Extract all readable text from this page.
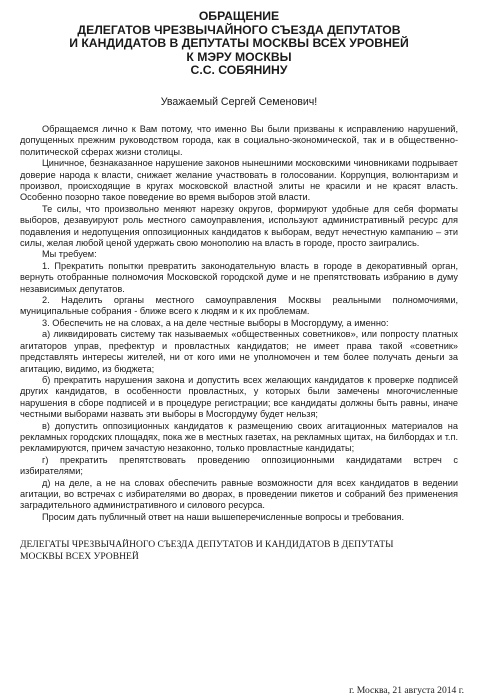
ОБРАЩЕНИЕ
ДЕЛЕГАТОВ ЧРЕЗВЫЧАЙНОГО СЪЕЗДА ДЕПУТАТОВ
И КАНДИДАТОВ В ДЕПУТАТЫ МОСКВЫ ВСЕХ УРОВНЕЙ
К МЭРУ МОСКВЫ
С.С. СОБЯНИНУ
Уважаемый Сергей Семенович!

Обращаемся лично к Вам потому, что именно Вы были призваны к исправлению нарушений, допущенных прежним руководством города, как в социально-экономической, так и в общественно-политической сферах жизни столицы.

Циничное, безнаказанное нарушение законов нынешними московскими чиновниками подрывает доверие народа к власти, снижает желание участвовать в голосовании. Коррупция, волюнтаризм и произвол, происходящие в кругах московской властной элиты не красили и не красят власть. Особенно позорно такое поведение во время выборов этой власти.

Те силы, что произвольно меняют нарезку округов, формируют удобные для себя форматы выборов, дезавуируют роль местного самоуправления, используют административный ресурс для подавления и недопущения оппозиционных кандидатов к выборам, ведут нечестную кампанию – эти силы, желая любой ценой удержать свою монополию на власть в городе, просто заигрались.

Мы требуем:

1. Прекратить попытки превратить законодательную власть в городе в декоративный орган, вернуть отобранные полномочия Московской городской думе и не препятствовать избранию в думу независимых депутатов.

2. Наделить органы местного самоуправления Москвы реальными полномочиями, муниципальные собрания - ближе всего к людям и к их проблемам.

3. Обеспечить не на словах, а на деле честные выборы в Мосгордуму, а именно:

а) ликвидировать систему так называемых «общественных советников», или попросту платных агитаторов управ, префектур и провластных кандидатов; не имеет права такой «советник» представлять интересы жителей, ни от кого ими не уполномочен и тем более получать деньги за агитацию, видимо, из бюджета;

б) прекратить нарушения закона и допустить всех желающих кандидатов к проверке подписей других кандидатов, в особенности провластных, у которых были замечены многочисленные нарушения в сборе подписей и в процедуре регистрации; все кандидаты должны быть равны, иначе честными выборами назвать эти выборы в Мосгордуму будет нельзя;

в) допустить оппозиционных кандидатов к размещению своих агитационных материалов на рекламных городских площадях, пока же в местных газетах, на рекламных щитах, на билбордах и т.п. рекламируются, причем зачастую незаконно, только провластные кандидаты;

г) прекратить препятствовать проведению оппозиционными кандидатами встреч с избирателями;

д) на деле, а не на словах обеспечить равные возможности для всех кандидатов в ведении агитации, во встречах с избирателями во дворах, в проведении пикетов и собраний без применения заградительного административного и силового ресурса.

Просим дать публичный ответ на наши вышеперечисленные вопросы и требования.

ДЕЛЕГАТЫ ЧРЕЗВЫЧАЙНОГО СЪЕЗДА ДЕПУТАТОВ И КАНДИДАТОВ В ДЕПУТАТЫ
МОСКВЫ ВСЕХ УРОВНЕЙ
г. Москва, 21 августа 2014 г.
